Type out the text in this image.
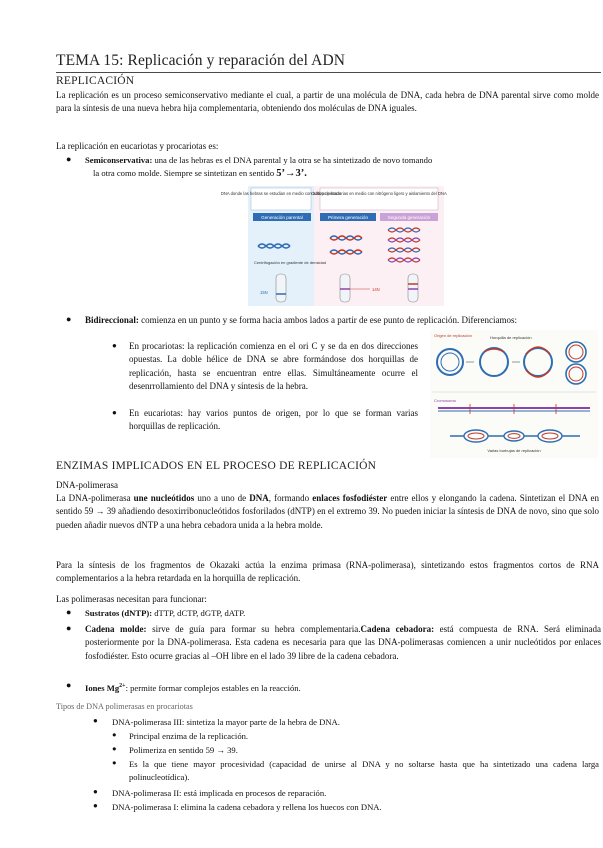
TEMA 15: Replicación y reparación del ADN
REPLICACIÓN

La replicación es un proceso semiconservativo mediante el cual, a partir de una molécula de DNA, cada hebra de DNA parental sirve como molde para la síntesis de una nueva hebra hija complementaria, obteniendo dos moléculas de DNA iguales.

La replicación en eucariotas y procariotas es:

● Semiconservativa: una de las hebras es el DNA parental y la otra se ha sintetizado de novo tomando

la otra como molde. Siempre se sintetizan en sentido 5’→3’.

DNA donde las hebras se estudian en medio con isótopo pesado
Cultivo de bacterias en medio con nitrógeno ligero y aislamiento del DNA
Generación parental	Primera generación	Segunda generación
Centrifugación en gradiente de densidad
15N
14N
● Bidireccional: comienza en un punto y se forma hacia ambos lados a partir de ese punto de replicación. Diferenciamos:

● En procariotas: la replicación comienza en el ori C y se da en dos direcciones opuestas. La doble hélice de DNA se abre formándose dos horquillas de replicación, hasta se encuentran entre ellas. Simultáneamente ocurre el desenrrollamiento del DNA y síntesis de la hebra.

● En eucariotas: hay varios puntos de origen, por lo que se forman varias horquillas de replicación.

Origen de replicación	Horquilla de replicación
Cromosoma
Varias burbujas de replicación
ENZIMAS IMPLICADOS EN EL PROCESO DE REPLICACIÓN
DNA-polimerasa

La DNA-polimerasa une nucleótidos uno a uno de DNA, formando enlaces fosfodiéster entre ellos y elongando la cadena. Sintetizan el DNA en sentido 59 → 39 añadiendo desoxirribonucleótidos fosforilados (dNTP) en el extremo 39. No pueden iniciar la síntesis de DNA de novo, sino que solo pueden añadir nuevos dNTP a una hebra cebadora unida a la hebra molde.

Para la síntesis de los fragmentos de Okazaki actúa la enzima primasa (RNA-polimerasa), sintetizando estos fragmentos cortos de RNA complementarios a la hebra retardada en la horquilla de replicación.

Las polimerasas necesitan para funcionar:

● Sustratos (dNTP): dTTP, dCTP, dGTP, dATP.

● Cadena molde: sirve de guía para formar su hebra complementaria.Cadena cebadora: está compuesta de RNA. Será eliminada posteriormente por la DNA-polimerasa. Esta cadena es necesaria para que las DNA-polimerasas comiencen a unir nucleótidos por enlaces fosfodiéster. Esto ocurre gracias al –OH libre en el lado 39 libre de la cadena cebadora.

● Iones $Mg^{2+}$: permite formar complejos estables en la reacción.

Tipos de DNA polimerasas en procariotas
● DNA-polimerasa III: sintetiza la mayor parte de la hebra de DNA.

● Principal enzima de la replicación.

● Polimeriza en sentido 59 → 39.

● Es la que tiene mayor procesividad (capacidad de unirse al DNA y no soltarse hasta que ha sintetizado una cadena larga polinucleotídica).

● DNA-polimerasa II: está implicada en procesos de reparación.

● DNA-polimerasa I: elimina la cadena cebadora y rellena los huecos con DNA.
